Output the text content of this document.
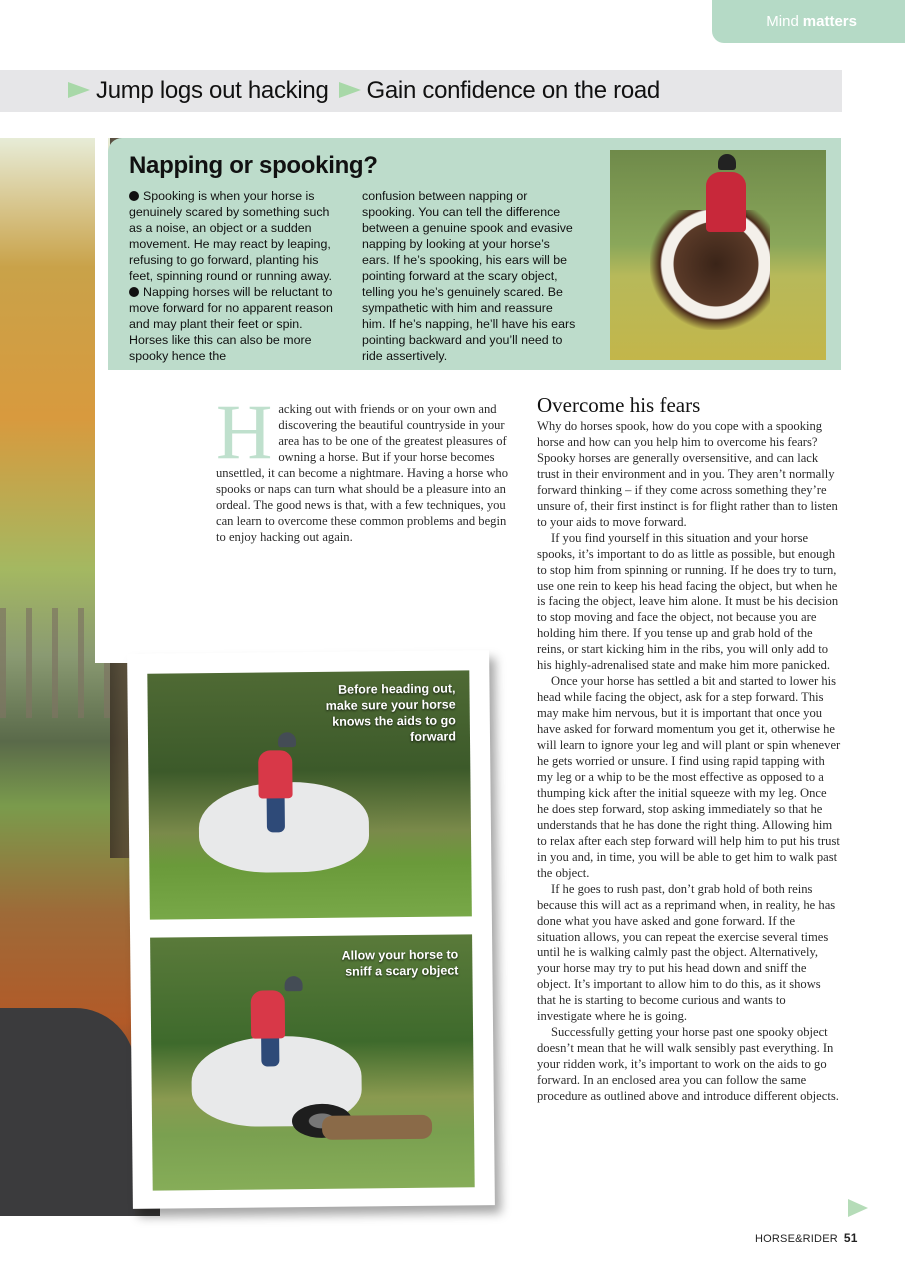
Mind matters
Jump logs out hacking	Gain confidence on the road
Napping or spooking?

Spooking is when your horse is genuinely scared by something such as a noise, an object or a sudden movement. He may react by leaping, refusing to go forward, planting his feet, spinning round or running away.

Napping horses will be reluctant to move forward for no apparent reason and may plant their feet or spin. Horses like this can also be more spooky hence the

confusion between napping or spooking. You can tell the difference between a genuine spook and evasive napping by looking at your horse’s ears. If he’s spooking, his ears will be pointing forward at the scary object, telling you he’s genuinely scared. Be sympathetic with him and reassure him. If he’s napping, he’ll have his ears pointing backward and you’ll need to ride assertively.

H acking out with friends or on your own and discovering the beautiful countryside in your area has to be one of the greatest pleasures of owning a horse. But if your horse becomes unsettled, it can become a nightmare. Having a horse who spooks or naps can turn what should be a pleasure into an ordeal. The good news is that, with a few techniques, you can learn to overcome these common problems and begin to enjoy hacking out again.

Overcome his fears

Why do horses spook, how do you cope with a spooking horse and how can you help him to overcome his fears? Spooky horses are generally oversensitive, and can lack trust in their environment and in you. They aren’t normally forward thinking – if they come across something they’re unsure of, their first instinct is for flight rather than to listen to your aids to move forward.

If you find yourself in this situation and your horse spooks, it’s important to do as little as possible, but enough to stop him from spinning or running. If he does try to turn, use one rein to keep his head facing the object, but when he is facing the object, leave him alone. It must be his decision to stop moving and face the object, not because you are holding him there. If you tense up and grab hold of the reins, or start kicking him in the ribs, you will only add to his highly-adrenalised state and make him more panicked.

Once your horse has settled a bit and started to lower his head while facing the object, ask for a step forward. This may make him nervous, but it is important that once you have asked for forward momentum you get it, otherwise he will learn to ignore your leg and will plant or spin whenever he gets worried or unsure. I find using rapid tapping with my leg or a whip to be the most effective as opposed to a thumping kick after the initial squeeze with my leg. Once he does step forward, stop asking immediately so that he understands that he has done the right thing. Allowing him to relax after each step forward will help him to put his trust in you and, in time, you will be able to get him to walk past the object.

If he goes to rush past, don’t grab hold of both reins because this will act as a reprimand when, in reality, he has done what you have asked and gone forward. If the situation allows, you can repeat the exercise several times until he is walking calmly past the object. Alternatively, your horse may try to put his head down and sniff the object. It’s important to allow him to do this, as it shows that he is starting to become curious and wants to investigate where he is going.

Successfully getting your horse past one spooky object doesn’t mean that he will walk sensibly past everything. In your ridden work, it’s important to work on the aids to go forward. In an enclosed area you can follow the same procedure as outlined above and introduce different objects.

Before heading out, make sure your horse knows the aids to go forward
Allow your horse to sniff a scary object
HORSE&RIDER 51
